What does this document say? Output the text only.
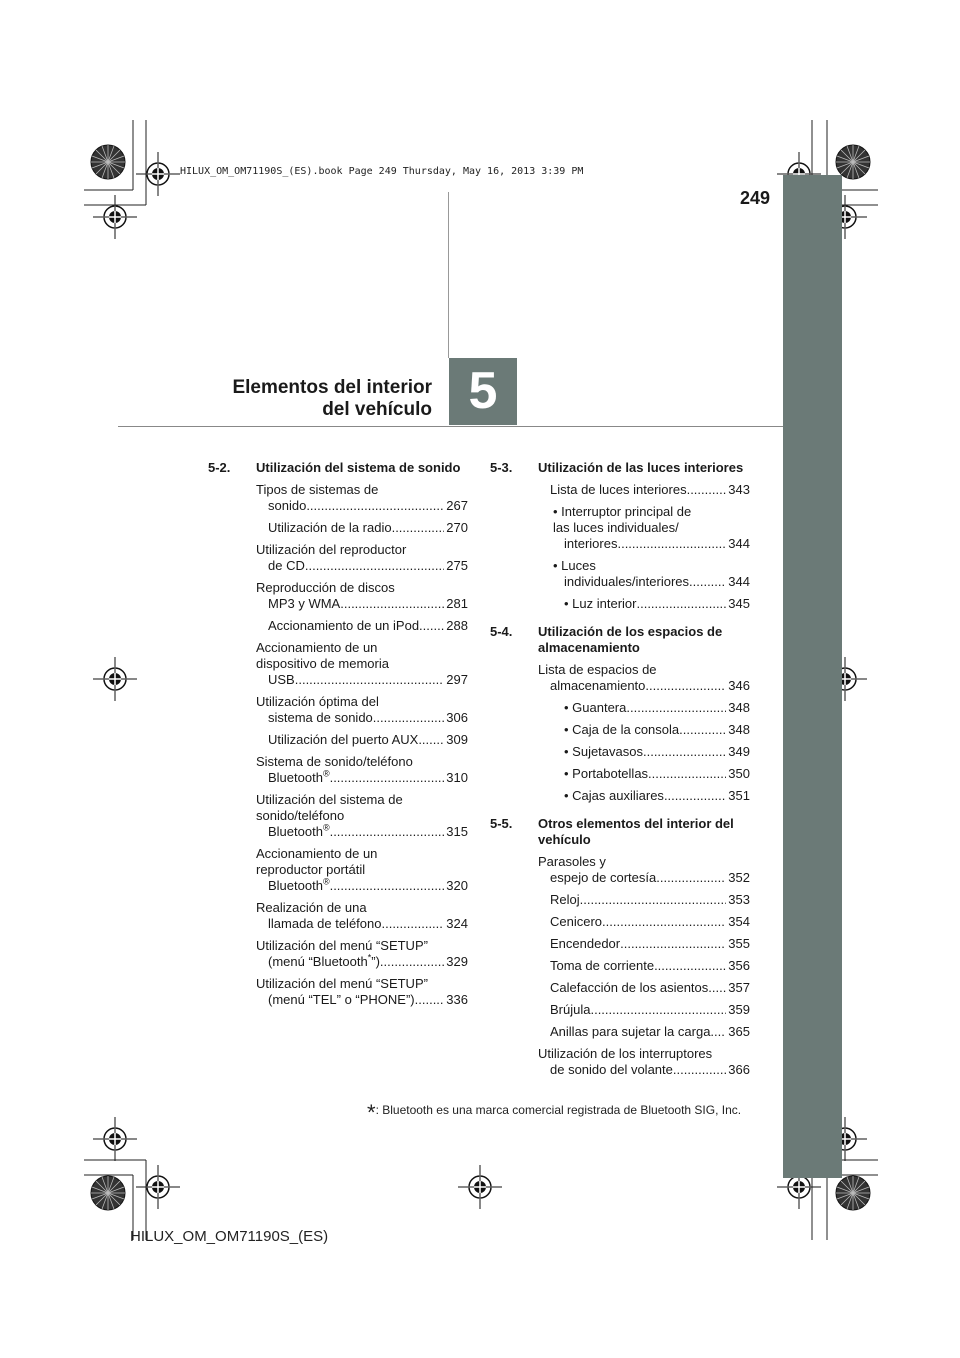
HILUX_OM_OM71190S_(ES).book Page 249 Thursday, May 16, 2013 3:39 PM
249
Elementos del interior
del vehículo 5
5-2. Utilización del sistema de sonido
Tipos de sistemas de
sonido .....	267
Utilización de la radio .....	270
Utilización del reproductor
de CD .....	275
Reproducción de discos
MP3 y WMA .....	281
Accionamiento de un iPod ..... 288
Accionamiento de un
dispositivo de memoria
USB .....	297
Utilización óptima del
sistema de sonido .....	306
Utilización del puerto AUX ..... 309
Sistema de sonido/teléfono
Bluetooth® .....	310
Utilización del sistema de
sonido/teléfono
Bluetooth® .....	315
Accionamiento de un
reproductor portátil
Bluetooth® .....	320
Realización de una
llamada de teléfono .....	324
Utilización del menú “SETUP”
(menú “Bluetooth*”) .....	329
Utilización del menú “SETUP”
(menú “TEL” o “PHONE”) ..... 336
5-3. Utilización de las luces interiores
Lista de luces interiores .....	343
• Interruptor principal de
las luces individuales/
interiores .....	344
• Luces
individuales/interiores .....	344
• Luz interior .....	345
5-4. Utilización de los espacios de almacenamiento
Lista de espacios de
almacenamiento .....	346
• Guantera .....	348
• Caja de la consola .....	348
• Sujetavasos .....	349
• Portabotellas .....	350
• Cajas auxiliares .....	351
5-5. Otros elementos del interior del vehículo
Parasoles y
espejo de cortesía .....	352
Reloj .....	353
Cenicero .....	354
Encendedor .....	355
Toma de corriente .....	356
Calefacción de los asientos ..... 357
Brújula .....	359
Anillas para sujetar la carga ..... 365
Utilización de los interruptores
de sonido del volante .....	366
*: Bluetooth es una marca comercial registrada de Bluetooth SIG, Inc.
HILUX_OM_OM71190S_(ES)
